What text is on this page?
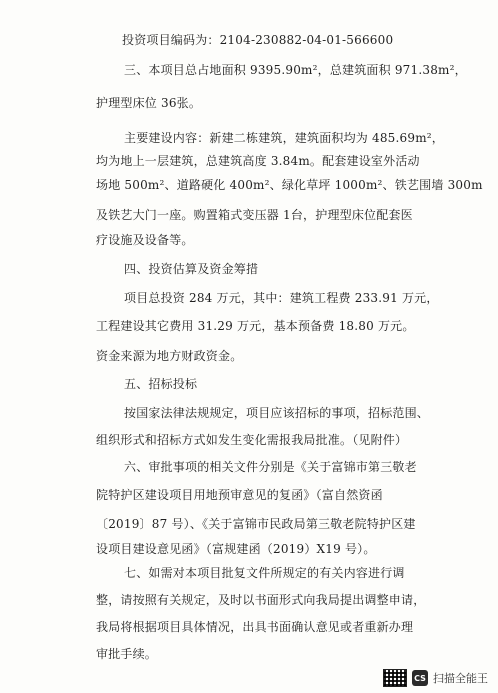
投资项目编码为：2104-230882-04-01-566600
三、本项目总占地面积 9395.90m²，总建筑面积 971.38m²，
护理型床位 36张。
主要建设内容：新建二栋建筑，建筑面积均为 485.69m²，
均为地上一层建筑，总建筑高度 3.84m。配套建设室外活动
场地 500m²、道路硬化 400m²、绿化草坪 1000m²、铁艺围墙 300m
及铁艺大门一座。购置箱式变压器 1台，护理型床位配套医
疗设施及设备等。
四、投资估算及资金筹措
项目总投资 284 万元，其中：建筑工程费 233.91 万元，
工程建设其它费用 31.29 万元，基本预备费 18.80 万元。
资金来源为地方财政资金。
五、招标投标
按国家法律法规规定，项目应该招标的事项，招标范围、
组织形式和招标方式如发生变化需报我局批准。（见附件）
六、审批事项的相关文件分别是《关于富锦市第三敬老
院特护区建设项目用地预审意见的复函》（富自然资函
〔2019〕87 号）、《关于富锦市民政局第三敬老院特护区建
设项目建设意见函》（富规建函（2019）X19 号）。
七、如需对本项目批复文件所规定的有关内容进行调
整，请按照有关规定，及时以书面形式向我局提出调整申请，
我局将根据项目具体情况，出具书面确认意见或者重新办理
审批手续。
CS 扫描全能王
